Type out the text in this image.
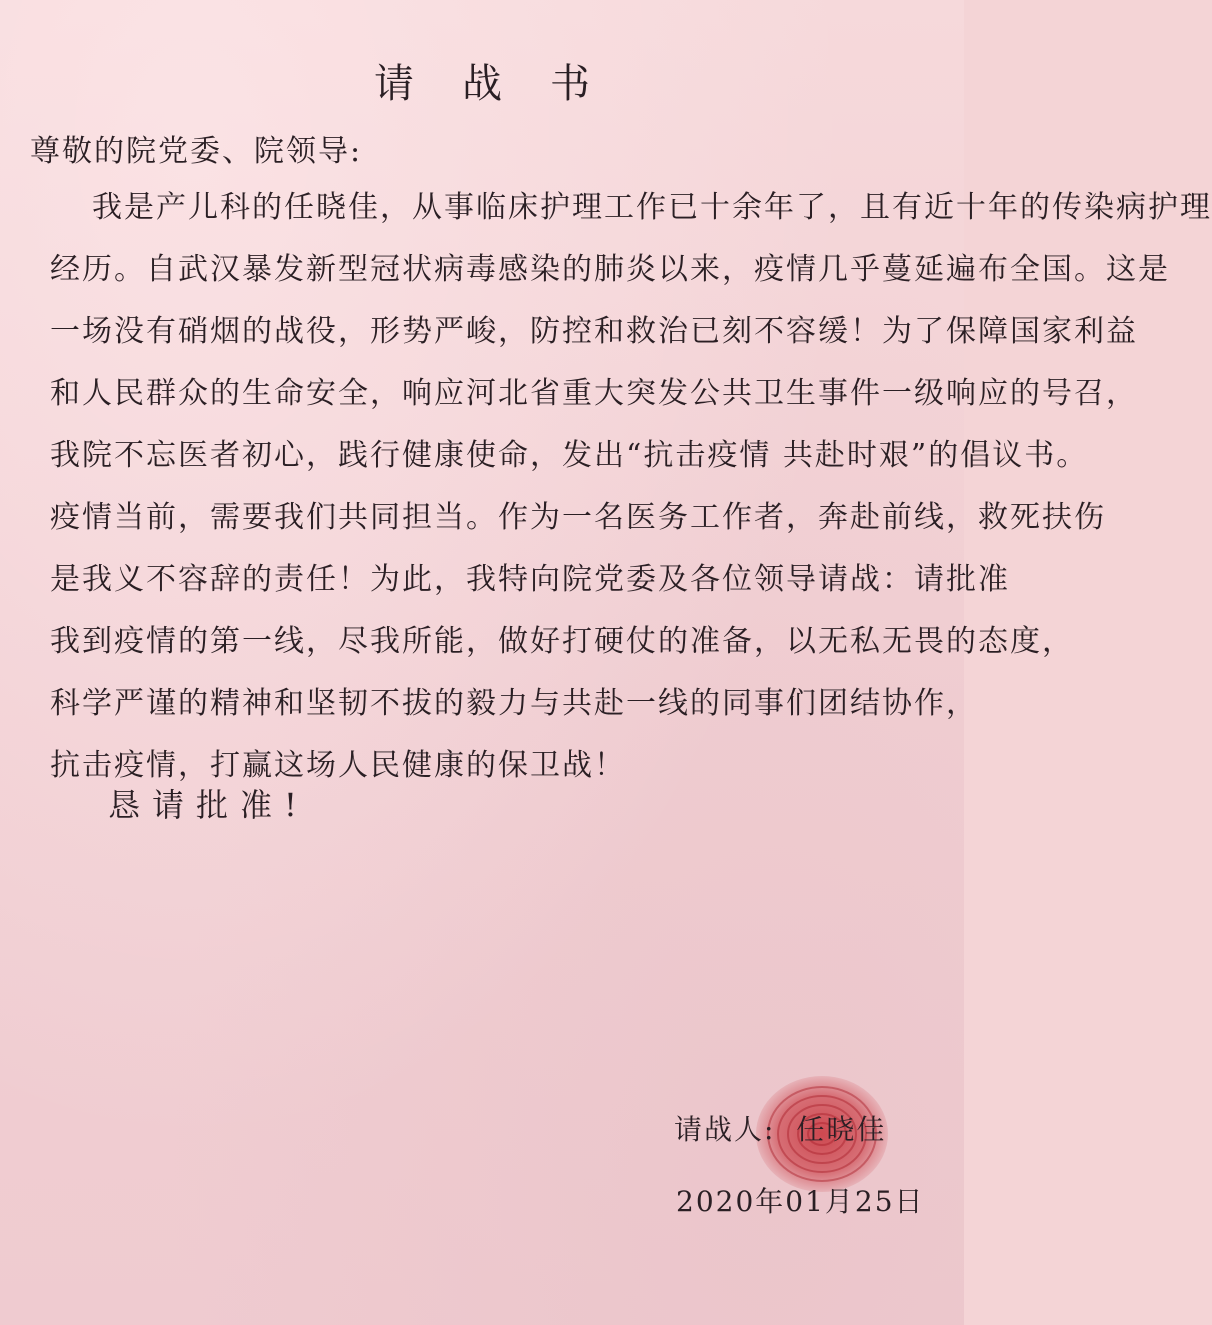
请战书
尊敬的院党委、院领导:
我是产儿科的任晓佳，从事临床护理工作已十余年了，且有近十年的传染病护理
经历。自武汉暴发新型冠状病毒感染的肺炎以来，疫情几乎蔓延遍布全国。这是
一场没有硝烟的战役，形势严峻，防控和救治已刻不容缓！为了保障国家利益
和人民群众的生命安全，响应河北省重大突发公共卫生事件一级响应的号召，
我院不忘医者初心，践行健康使命，发出“抗击疫情 共赴时艰”的倡议书。
疫情当前，需要我们共同担当。作为一名医务工作者，奔赴前线，救死扶伤
是我义不容辞的责任！为此，我特向院党委及各位领导请战：请批准
我到疫情的第一线，尽我所能，做好打硬仗的准备，以无私无畏的态度，
科学严谨的精神和坚韧不拔的毅力与共赴一线的同事们团结协作，
抗击疫情，打赢这场人民健康的保卫战！
恳请批准!
请战人: 任晓佳
2020年01月25日
